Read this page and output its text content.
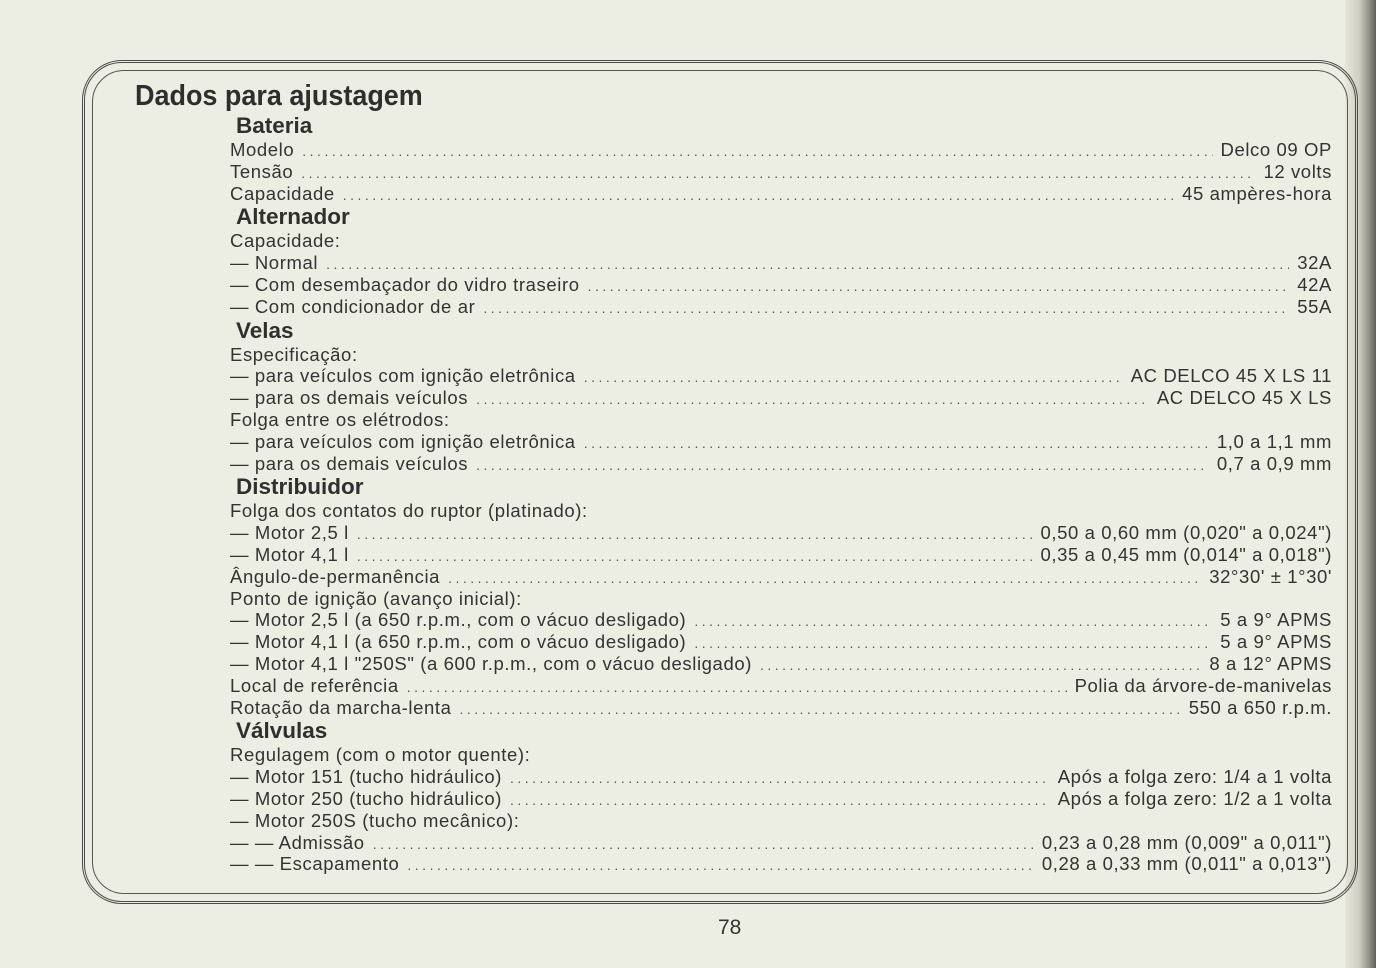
Dados para ajustagem
Bateria
Modelo .....	Delco 09 OP
Tensão .....	12 volts
Capacidade .....	45 ampères-hora
Alternador
Capacidade:
— Normal .....	32A
— Com desembaçador do vidro traseiro .....	42A
— Com condicionador de ar .....	55A
Velas
Especificação:
— para veículos com ignição eletrônica .....	AC DELCO 45 X LS 11
— para os demais veículos .....	AC DELCO 45 X LS
Folga entre os elétrodos:
— para veículos com ignição eletrônica .....	1,0 a 1,1 mm
— para os demais veículos .....	0,7 a 0,9 mm
Distribuidor
Folga dos contatos do ruptor (platinado):
— Motor 2,5 l .....	0,50 a 0,60 mm (0,020" a 0,024")
— Motor 4,1 l .....	0,35 a 0,45 mm (0,014" a 0,018")
Ângulo-de-permanência .....	32°30' ± 1°30'
Ponto de ignição (avanço inicial):
— Motor 2,5 l (a 650 r.p.m., com o vácuo desligado) .....	5 a 9° APMS
— Motor 4,1 l (a 650 r.p.m., com o vácuo desligado) .....	5 a 9° APMS
— Motor 4,1 l "250S" (a 600 r.p.m., com o vácuo desligado) .....	8 a 12° APMS
Local de referência .....	Polia da árvore-de-manivelas
Rotação da marcha-lenta .....	550 a 650 r.p.m.
Válvulas
Regulagem (com o motor quente):
— Motor 151 (tucho hidráulico) .....	Após a folga zero: 1/4 a 1 volta
— Motor 250 (tucho hidráulico) .....	Após a folga zero: 1/2 a 1 volta
— Motor 250S (tucho mecânico):
— — Admissão .....	0,23 a 0,28 mm (0,009" a 0,011")
— — Escapamento .....	0,28 a 0,33 mm (0,011" a 0,013")
78
